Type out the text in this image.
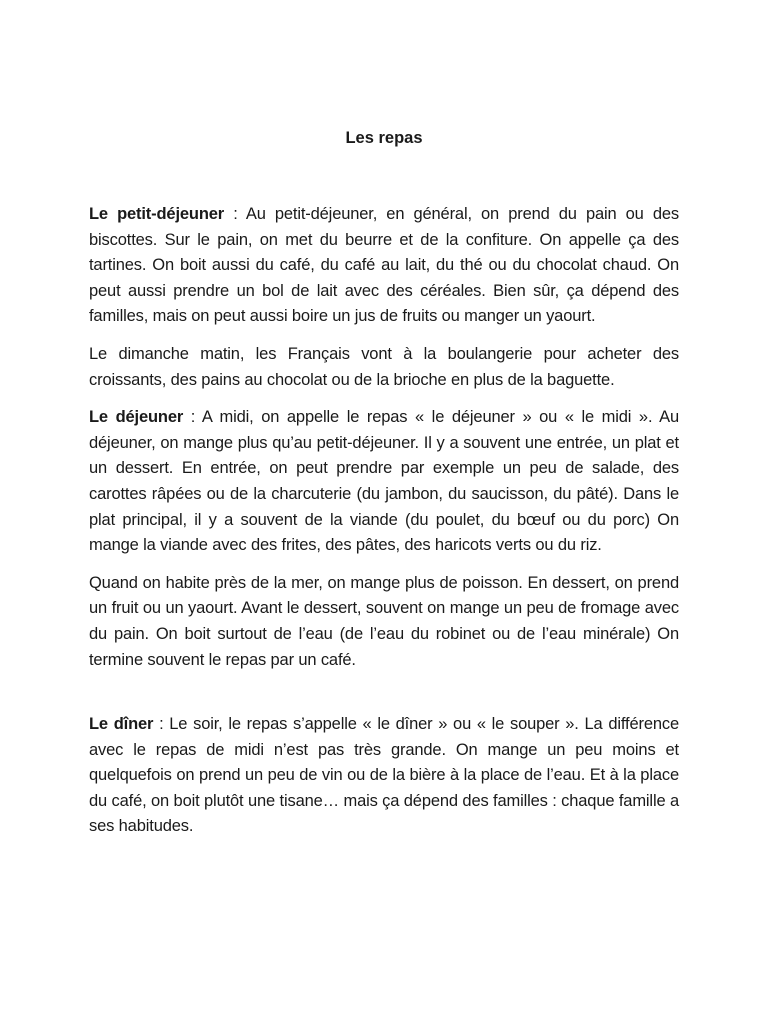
Les repas

Le petit-déjeuner : Au petit-déjeuner, en général, on prend du pain ou des biscottes. Sur le pain, on met du beurre et de la confiture. On appelle ça des tartines. On boit aussi du café, du café au lait, du thé ou du chocolat chaud. On peut aussi prendre un bol de lait avec des céréales. Bien sûr, ça dépend des familles, mais on peut aussi boire un jus de fruits ou manger un yaourt.

Le dimanche matin, les Français vont à la boulangerie pour acheter des croissants, des pains au chocolat ou de la brioche en plus de la baguette.

Le déjeuner : A midi, on appelle le repas « le déjeuner » ou « le midi ». Au déjeuner, on mange plus qu’au petit-déjeuner. Il y a souvent une entrée, un plat et un dessert. En entrée, on peut prendre par exemple un peu de salade, des carottes râpées ou de la charcuterie (du jambon, du saucisson, du pâté). Dans le plat principal, il y a souvent de la viande (du poulet, du bœuf ou du porc) On mange la viande avec des frites, des pâtes, des haricots verts ou du riz.

Quand on habite près de la mer, on mange plus de poisson. En dessert, on prend un fruit ou un yaourt. Avant le dessert, souvent on mange un peu de fromage avec du pain. On boit surtout de l’eau (de l’eau du robinet ou de l’eau minérale) On termine souvent le repas par un café.

Le dîner : Le soir, le repas s’appelle « le dîner » ou « le souper ». La différence avec le repas de midi n’est pas très grande. On mange un peu moins et quelquefois on prend un peu de vin ou de la bière à la place de l’eau. Et à la place du café, on boit plutôt une tisane… mais ça dépend des familles : chaque famille a ses habitudes.
